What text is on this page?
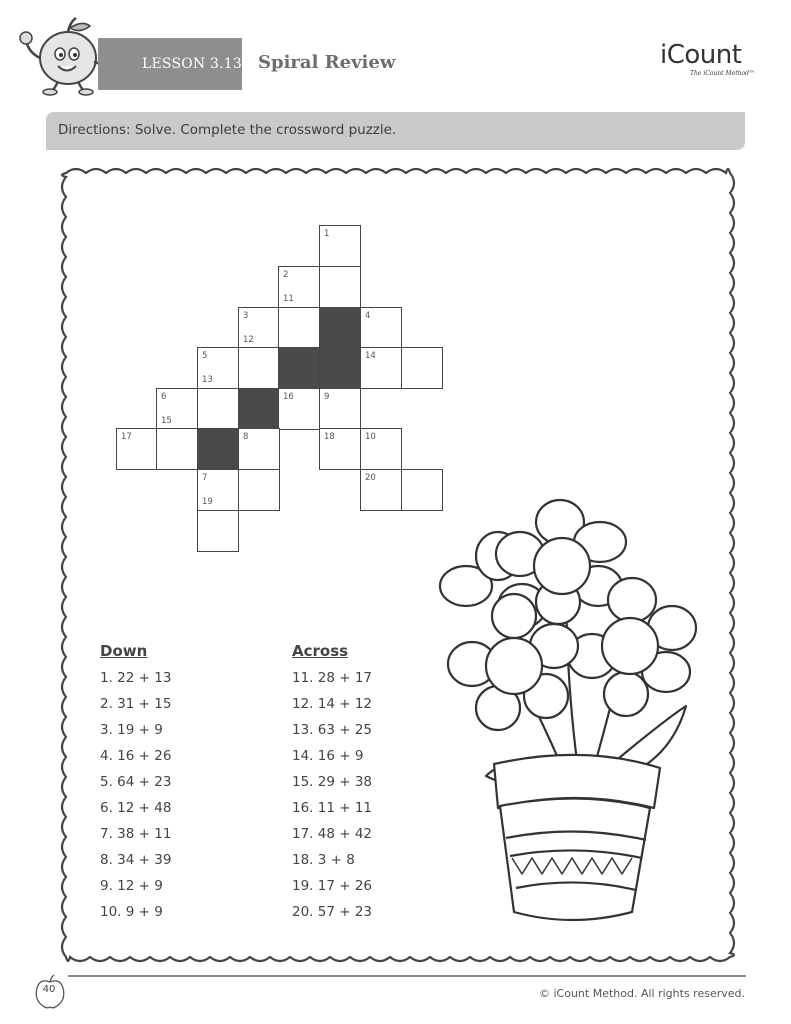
LESSON 3.13 Spiral Review	iCount
The iCount Method™
Directions: Solve. Complete the crossword puzzle.
1
2
11
3
12
4
5
13
14
6
15
16	9
17	8	18	10
7
19
20
Down
1. 22 + 13
2. 31 + 15
3. 19 + 9
4. 16 + 26
5. 64 + 23
6. 12 + 48
7. 38 + 11
8. 34 + 39
9. 12 + 9
10. 9 + 9
Across
11. 28 + 17
12. 14 + 12
13. 63 + 25
14. 16 + 9
15. 29 + 38
16. 11 + 11
17. 48 + 42
18. 3 + 8
19. 17 + 26
20. 57 + 23
40	© iCount Method. All rights reserved.
